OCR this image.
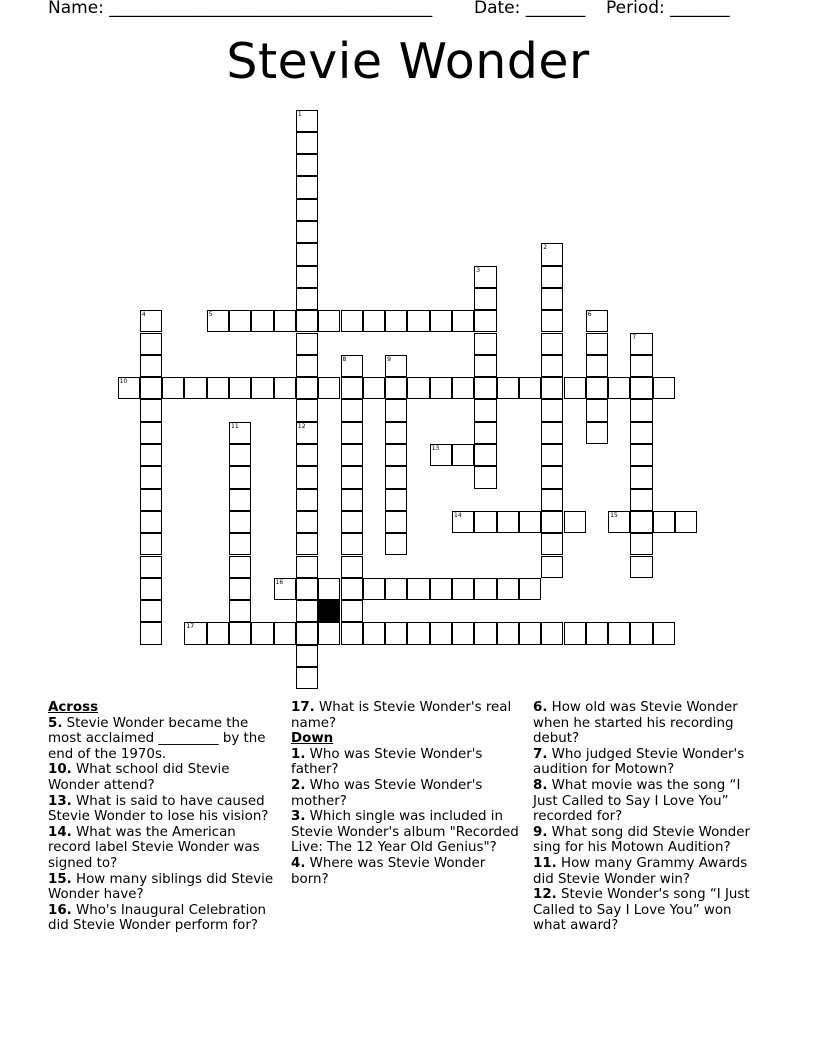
Name: ______________________________________ Date: _______ Period: _______
Stevie Wonder
1
12
2
3
4	5	6
7
8	9
10
11
13
14	15
16
17
Across
5. Stevie Wonder became the most acclaimed _________ by the end of the 1970s.
10. What school did Stevie Wonder attend?
13. What is said to have caused Stevie Wonder to lose his vision?
14. What was the American record label Stevie Wonder was signed to?
15. How many siblings did Stevie Wonder have?
16. Who's Inaugural Celebration did Stevie Wonder perform for?
17. What is Stevie Wonder's real name?
Down
1. Who was Stevie Wonder's father?
2. Who was Stevie Wonder's mother?
3. Which single was included in Stevie Wonder's album "Recorded Live: The 12 Year Old Genius"?
4. Where was Stevie Wonder born?
6. How old was Stevie Wonder when he started his recording debut?
7. Who judged Stevie Wonder's audition for Motown?
8. What movie was the song “I Just Called to Say I Love You” recorded for?
9. What song did Stevie Wonder sing for his Motown Audition?
11. How many Grammy Awards did Stevie Wonder win?
12. Stevie Wonder's song “I Just Called to Say I Love You” won what award?
